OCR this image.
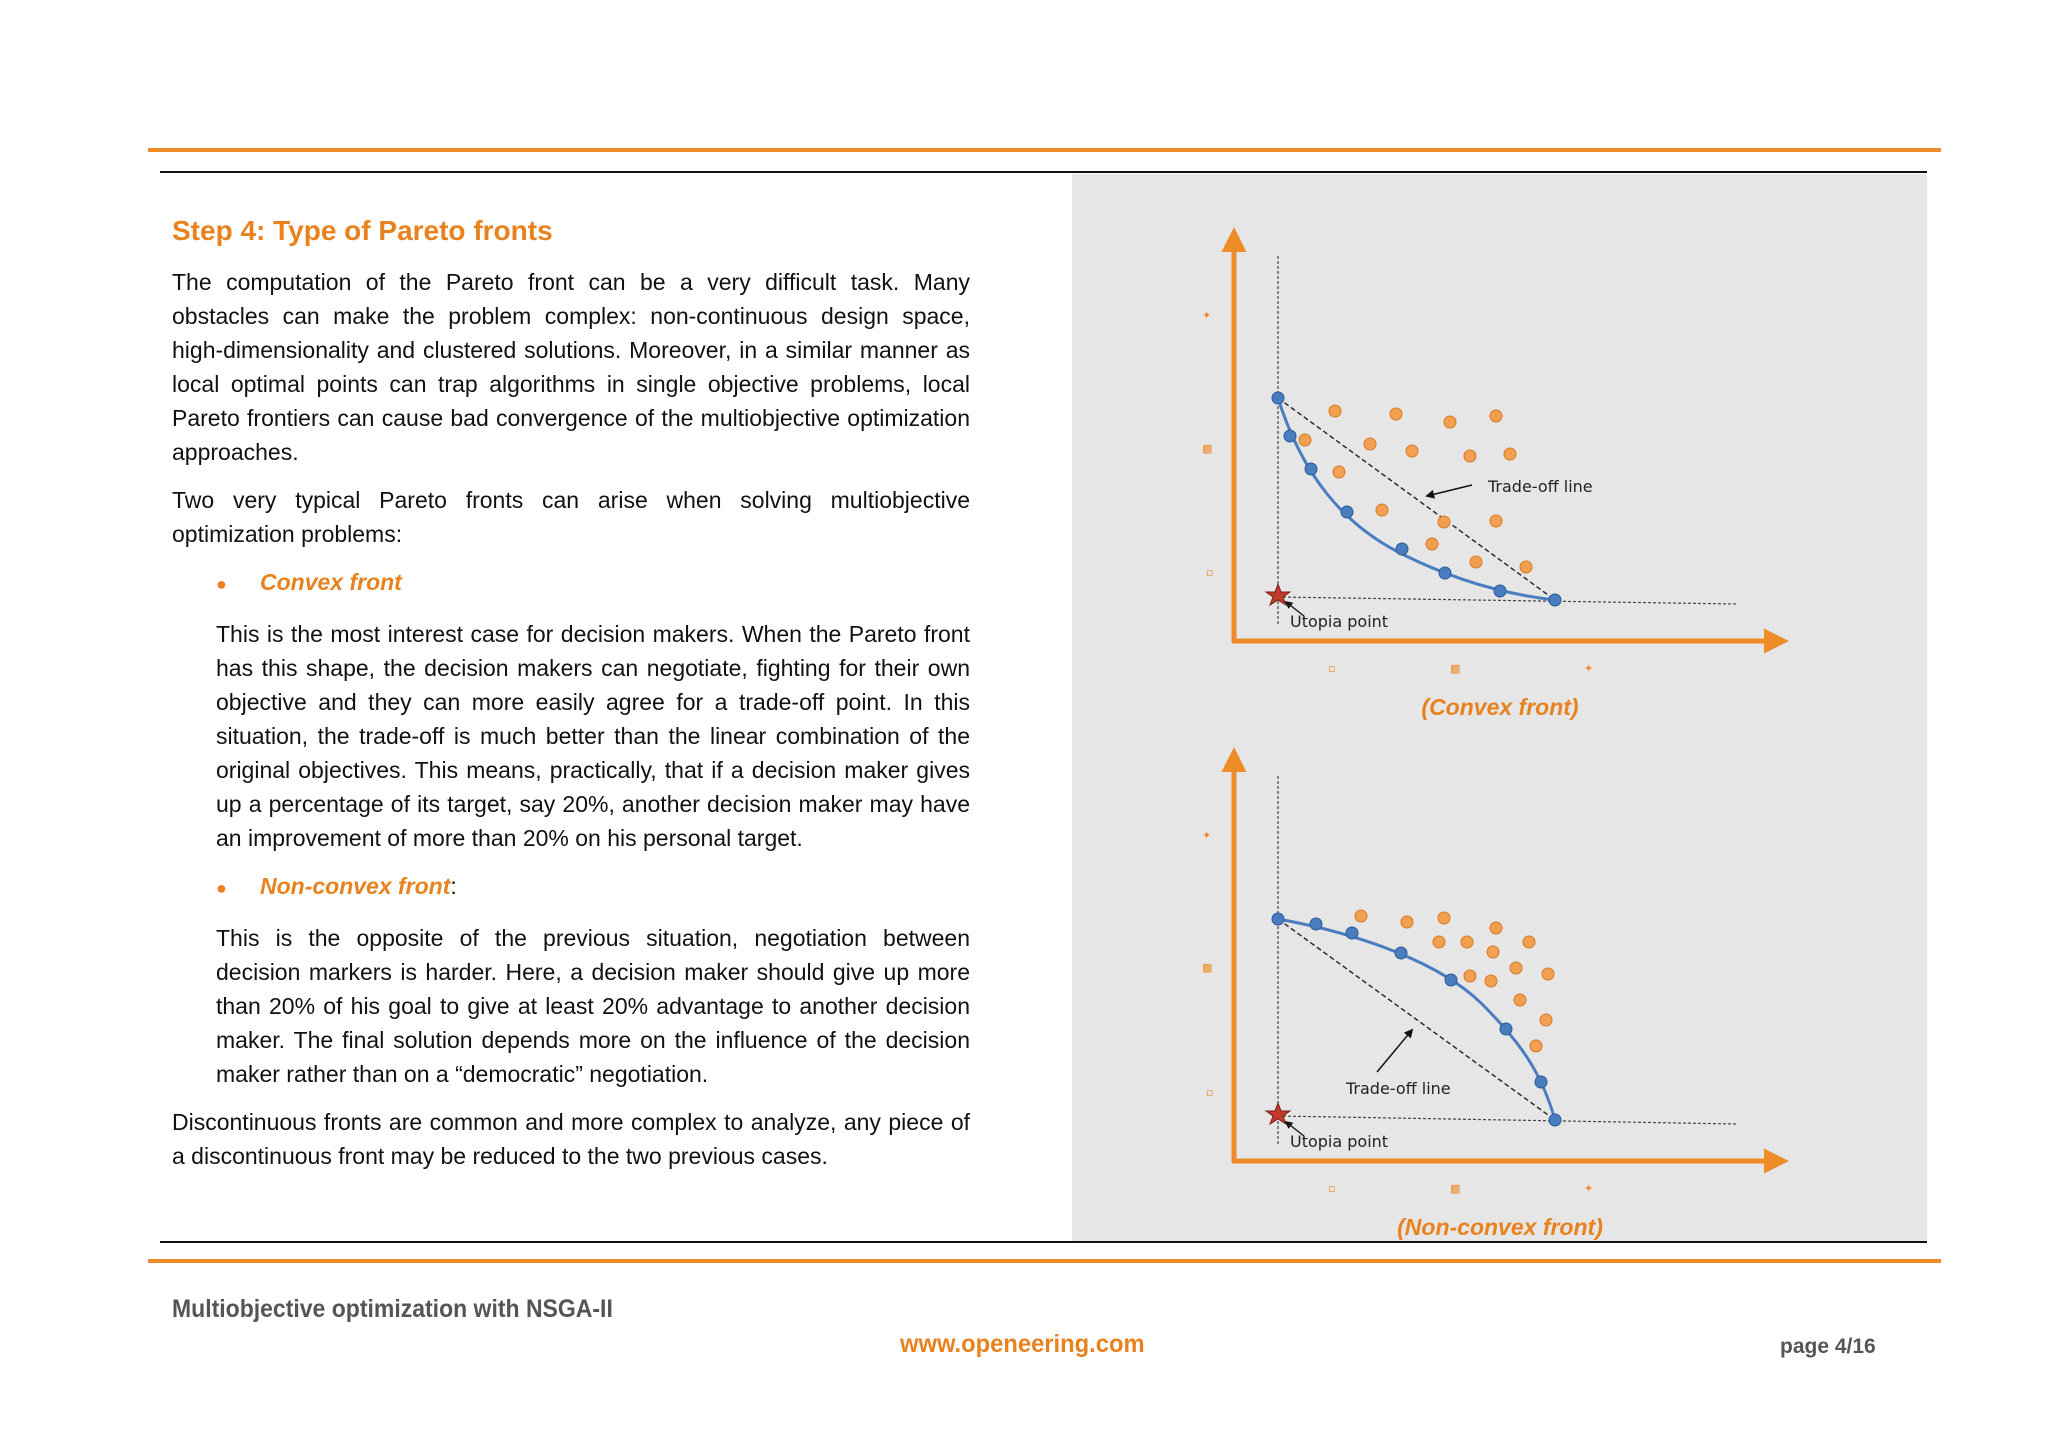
Step 4: Type of Pareto fronts

The computation of the Pareto front can be a very difficult task. Many obstacles can make the problem complex: non-continuous design space, high-dimensionality and clustered solutions. Moreover, in a similar manner as local optimal points can trap algorithms in single objective problems, local Pareto frontiers can cause bad convergence of the multiobjective optimization approaches.

Two very typical Pareto fronts can arise when solving multiobjective optimization problems:

●	Convex front

This is the most interest case for decision makers. When the Pareto front has this shape, the decision makers can negotiate, fighting for their own objective and they can more easily agree for a trade-off point. In this situation, the trade-off is much better than the linear combination of the original objectives. This means, practically, that if a decision maker gives up a percentage of its target, say 20%, another decision maker may have an improvement of more than 20% on his personal target.

●	Non-convex front:

This is the opposite of the previous situation, negotiation between decision markers is harder. Here, a decision maker should give up more than 20% of his goal to give at least 20% advantage to another decision maker. The final solution depends more on the influence of the decision maker rather than on a “democratic” negotiation.

Discontinuous fronts are common and more complex to analyze, any piece of a discontinuous front may be reduced to the two previous cases.

Trade-off line
Utopia point
✦
▩
▫
▫	▩	✦
Trade-off line
Utopia point
✦
▩
▫
▫	▩	✦
(Convex front)
(Non-convex front)
Multiobjective optimization with NSGA-II
www.openeering.com	page 4/16
